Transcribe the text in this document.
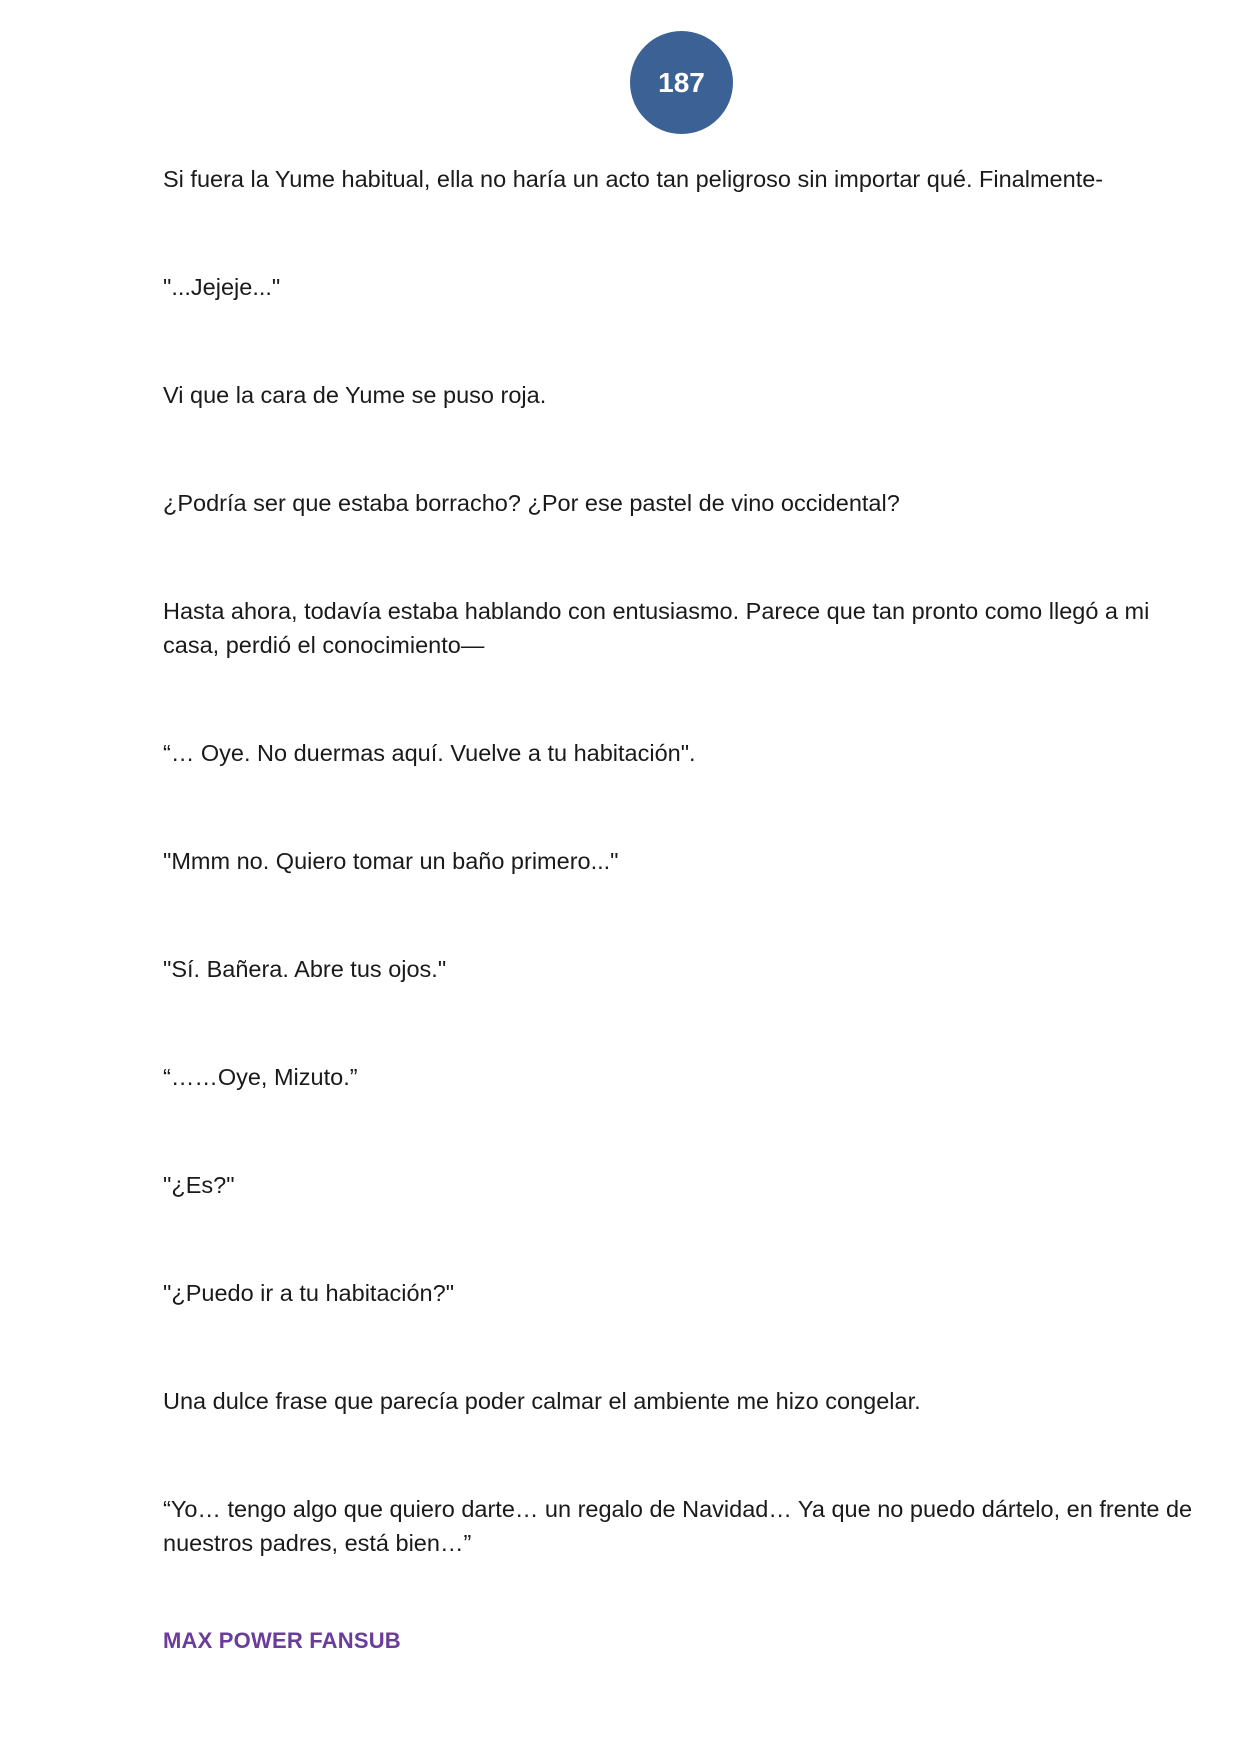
187

Si fuera la Yume habitual, ella no haría un acto tan peligroso sin importar qué. Finalmente-

"...Jejeje..."

Vi que la cara de Yume se puso roja.

¿Podría ser que estaba borracho? ¿Por ese pastel de vino occidental?

Hasta ahora, todavía estaba hablando con entusiasmo. Parece que tan pronto como llegó a mi casa, perdió el conocimiento—

“… Oye. No duermas aquí. Vuelve a tu habitación".

"Mmm no. Quiero tomar un baño primero..."

"Sí. Bañera. Abre tus ojos."

“……Oye, Mizuto.”

"¿Es?"

"¿Puedo ir a tu habitación?"

Una dulce frase que parecía poder calmar el ambiente me hizo congelar.

“Yo… tengo algo que quiero darte… un regalo de Navidad… Ya que no puedo dártelo, en frente de nuestros padres, está bien…”

MAX POWER FANSUB
